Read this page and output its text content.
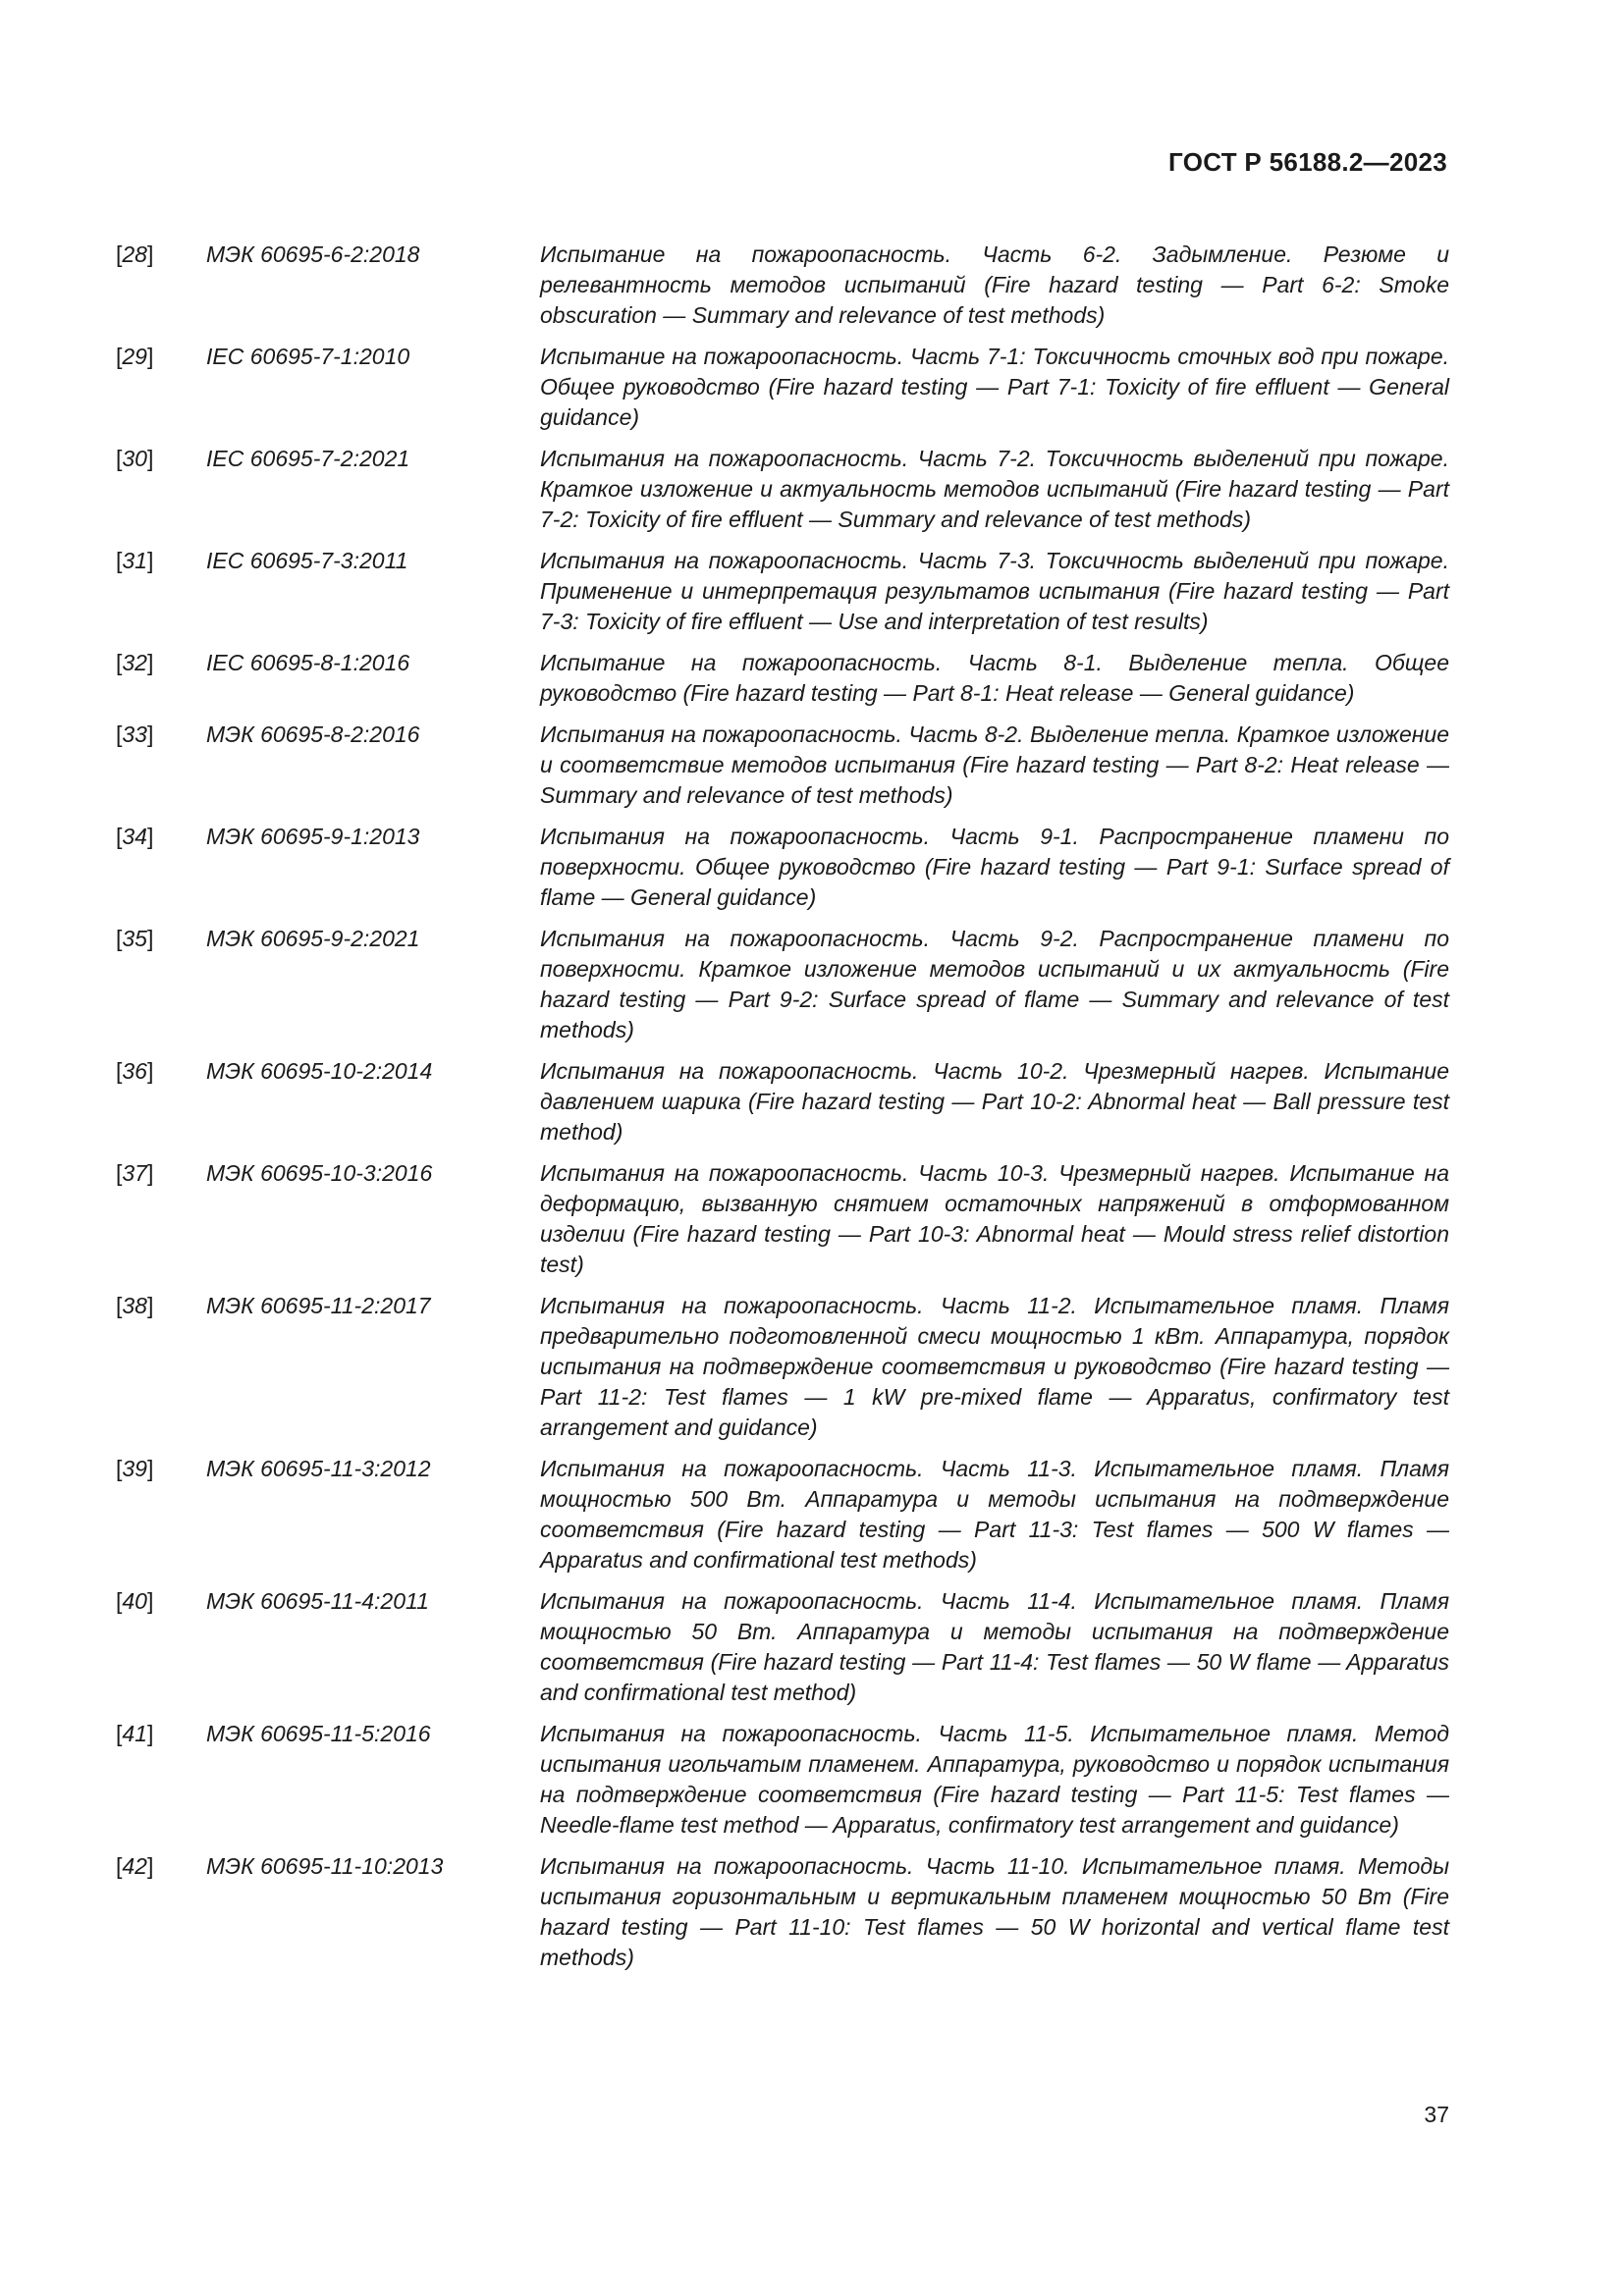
ГОСТ Р 56188.2—2023
[28]	МЭК 60695-6-2:2018	Испытание на пожароопасность. Часть 6-2. Задымление. Резюме и релевантность методов испытаний (Fire hazard testing — Part 6-2: Smoke obscuration — Summary and relevance of test methods)
[29]	IEC 60695-7-1:2010	Испытание на пожароопасность. Часть 7-1: Токсичность сточных вод при пожаре. Общее руководство (Fire hazard testing — Part 7-1: Toxicity of fire effluent — General guidance)
[30]	IEC 60695-7-2:2021	Испытания на пожароопасность. Часть 7-2. Токсичность выделений при пожаре. Краткое изложение и актуальность методов испытаний (Fire hazard testing — Part 7-2: Toxicity of fire effluent — Summary and relevance of test methods)
[31]	IEC 60695-7-3:2011	Испытания на пожароопасность. Часть 7-3. Токсичность выделений при пожаре. Применение и интерпретация результатов испытания (Fire hazard testing — Part 7-3: Toxicity of fire effluent — Use and interpretation of test results)
[32]	IEC 60695-8-1:2016	Испытание на пожароопасность. Часть 8-1. Выделение тепла. Общее руководство (Fire hazard testing — Part 8-1: Heat release — General guidance)
[33]	МЭК 60695-8-2:2016	Испытания на пожароопасность. Часть 8-2. Выделение тепла. Краткое изложение и соответствие методов испытания (Fire hazard testing — Part 8-2: Heat release — Summary and relevance of test methods)
[34]	МЭК 60695-9-1:2013	Испытания на пожароопасность. Часть 9-1. Распространение пламени по поверхности. Общее руководство (Fire hazard testing — Part 9-1: Surface spread of flame — General guidance)
[35]	МЭК 60695-9-2:2021	Испытания на пожароопасность. Часть 9-2. Распространение пламени по поверхности. Краткое изложение методов испытаний и их актуальность (Fire hazard testing — Part 9-2: Surface spread of flame — Summary and relevance of test methods)
[36]	МЭК 60695-10-2:2014	Испытания на пожароопасность. Часть 10-2. Чрезмерный нагрев. Испытание давлением шарика (Fire hazard testing — Part 10-2: Abnormal heat — Ball pressure test method)
[37]	МЭК 60695-10-3:2016	Испытания на пожароопасность. Часть 10-3. Чрезмерный нагрев. Испытание на деформацию, вызванную снятием остаточных напряжений в отформованном изделии (Fire hazard testing — Part 10-3: Abnormal heat — Mould stress relief distortion test)
[38]	МЭК 60695-11-2:2017	Испытания на пожароопасность. Часть 11-2. Испытательное пламя. Пламя предварительно подготовленной смеси мощностью 1 кВт. Аппаратура, порядок испытания на подтверждение соответствия и руководство (Fire hazard testing — Part 11-2: Test flames — 1 kW pre-mixed flame — Apparatus, confirmatory test arrangement and guidance)
[39]	МЭК 60695-11-3:2012	Испытания на пожароопасность. Часть 11-3. Испытательное пламя. Пламя мощностью 500 Вт. Аппаратура и методы испытания на подтверждение соответствия (Fire hazard testing — Part 11-3: Test flames — 500 W flames — Apparatus and confirmational test methods)
[40]	МЭК 60695-11-4:2011	Испытания на пожароопасность. Часть 11-4. Испытательное пламя. Пламя мощностью 50 Вт. Аппаратура и методы испытания на подтверждение соответствия (Fire hazard testing — Part 11-4: Test flames — 50 W flame — Apparatus and confirmational test method)
[41]	МЭК 60695-11-5:2016	Испытания на пожароопасность. Часть 11-5. Испытательное пламя. Метод испытания игольчатым пламенем. Аппаратура, руководство и порядок испытания на подтверждение соответствия (Fire hazard testing — Part 11-5: Test flames — Needle-flame test method — Apparatus, confirmatory test arrangement and guidance)
[42]	МЭК 60695-11-10:2013	Испытания на пожароопасность. Часть 11-10. Испытательное пламя. Методы испытания горизонтальным и вертикальным пламенем мощностью 50 Вт (Fire hazard testing — Part 11-10: Test flames — 50 W horizontal and vertical flame test methods)
37
